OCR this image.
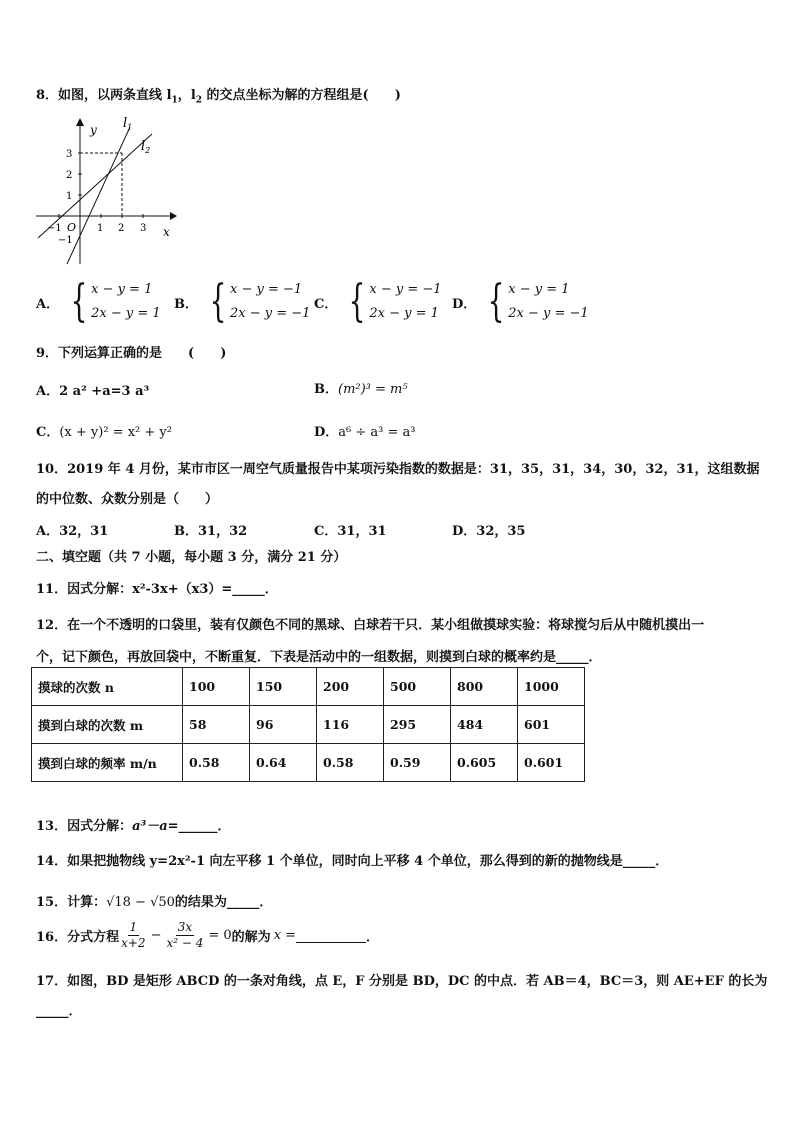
8．如图，以两条直线 $l_1$，$l_2$ 的交点坐标为解的方程组是(　　)
y
x
O
−1	1 2 3
3
2
1
−1
$l_1$
$l_2$
A． { x − y = 1
2x − y = 1
B． { x − y = −1
2x − y = −1
C． { x − y = −1
2x − y = 1
D． { x − y = 1
2x − y = −1
9．下列运算正确的是　　(　　)
A．2 a² +a=3 a³	B．(m²)³ = m⁵
C．(x + y)² = x² + y²	D．a⁶ ÷ a³ = a³
10．2019 年 4 月份，某市市区一周空气质量报告中某项污染指数的数据是：31，35，31，34，30，32，31，这组数据
的中位数、众数分别是（　　）
A．32，31	B．31，32	C．31，31	D．32，35
二、填空题（共 7 小题，每小题 3 分，满分 21 分）
11．因式分解：x²-3x+（x3）=_____．
12．在一个不透明的口袋里，装有仅颜色不同的黑球、白球若干只．某小组做摸球实验：将球搅匀后从中随机摸出一
个，记下颜色，再放回袋中，不断重复．下表是活动中的一组数据，则摸到白球的概率约是_____．
摸球的次数 n	100	150	200	500	800	1000
摸到白球的次数 m	58	96	116	295	484	601
摸到白球的频率 m/n	0.58	0.64	0.58	0.59	0.605	0.601
13．因式分解：a³－a=______．
14．如果把抛物线 y=2x²-1 向左平移 1 个单位，同时向上平移 4 个单位，那么得到的新的抛物线是_____．
15．计算：√18 − √50的结果为_____．
16．分式方程 $\frac{1}{x+2} - \frac{3x}{\text{x² − 4}} = 0$ 的解为 x =	．
17．如图，BD 是矩形 ABCD 的一条对角线，点 E，F 分别是 BD，DC 的中点．若 AB＝4，BC＝3，则 AE+EF 的长为
_____．
